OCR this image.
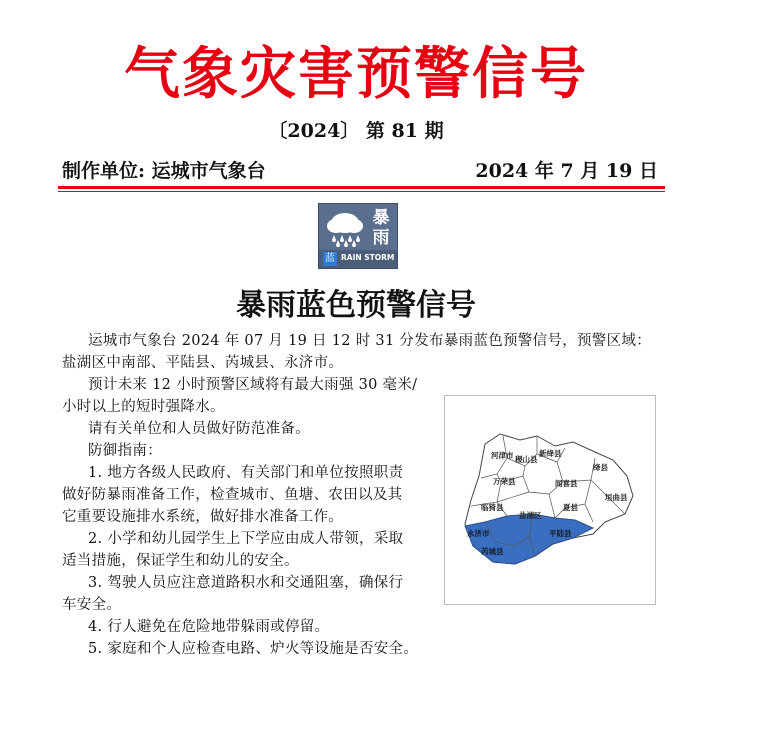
气象灾害预警信号
〔2024〕 第 81 期
制作单位: 运城市气象台	2024 年 7 月 19 日
暴
雨
蓝 RAIN STORM
暴雨蓝色预警信号
运城市气象台 2024 年 07 月 19 日 12 时 31 分发布暴雨蓝色预警信号，预警区域：
盐湖区中南部、平陆县、芮城县、永济市。
预计未来 12 小时预警区域将有最大雨强 30 毫米/
小时以上的短时强降水。
请有关单位和人员做好防范准备。
防御指南：
1. 地方各级人民政府、有关部门和单位按照职责
做好防暴雨准备工作，检查城市、鱼塘、农田以及其
它重要设施排水系统，做好排水准备工作。
2. 小学和幼儿园学生上下学应由成人带领，采取
适当措施，保证学生和幼儿的安全。
3. 驾驶人员应注意道路积水和交通阻塞，确保行
车安全。
4. 行人避免在危险地带躲雨或停留。
5. 家庭和个人应检查电路、炉火等设施是否安全。
河津市 稷山县
新绛县
绛县
万荣县	闻喜县
垣曲县
临猗县
盐湖区
夏县
永济市	平陆县
芮城县
